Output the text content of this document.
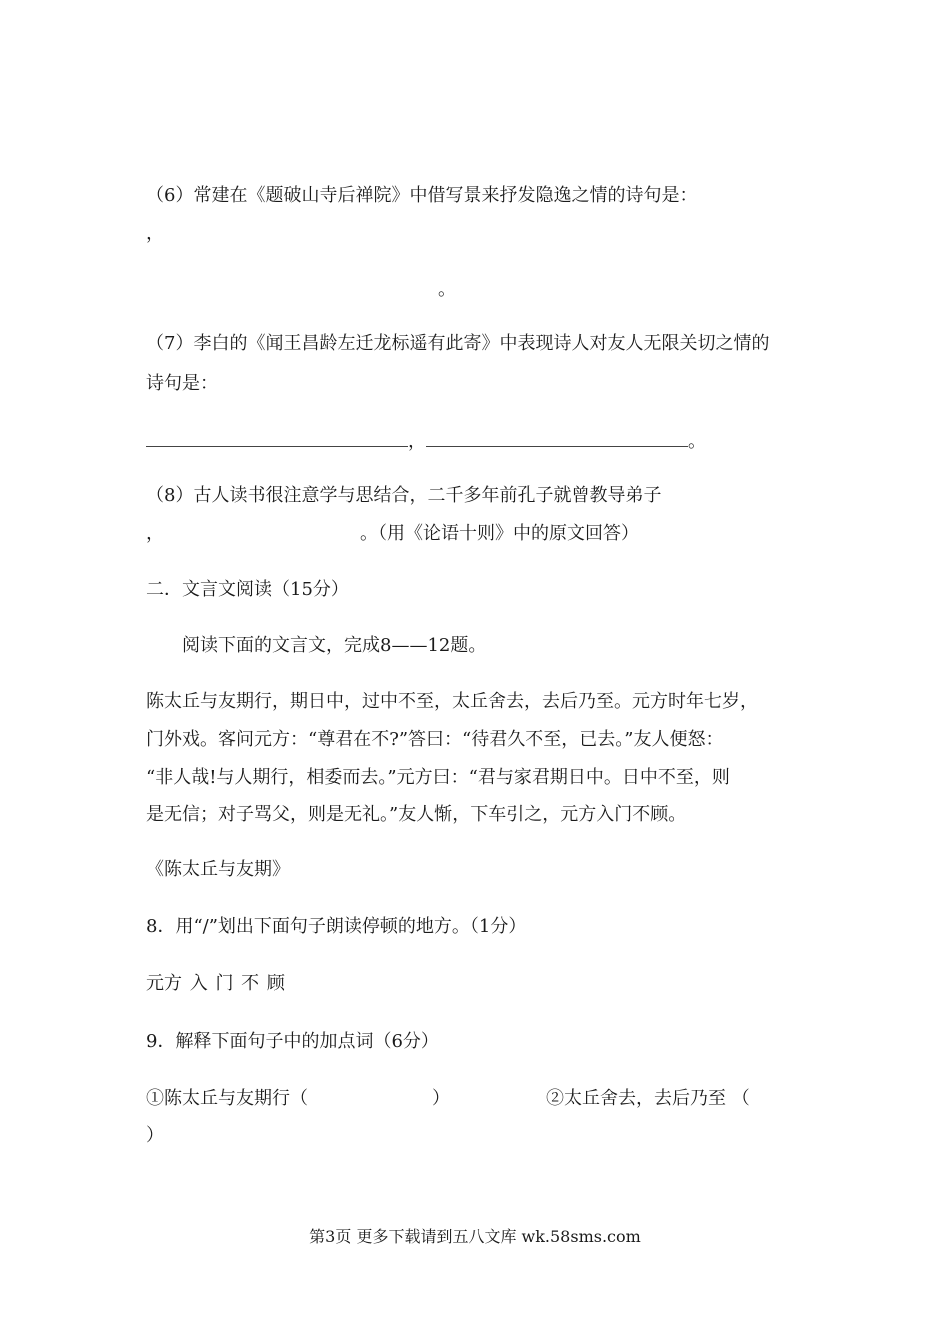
（6）常建在《题破山寺后禅院》中借写景来抒发隐逸之情的诗句是：

，

。

（7）李白的《闻王昌龄左迁龙标遥有此寄》中表现诗人对友人无限关切之情的

诗句是：

，	。

（8）古人读书很注意学与思结合，二千多年前孔子就曾教导弟子

，	。（用《论语十则》中的原文回答）

二．文言文阅读（15分）

阅读下面的文言文，完成8——12题。

陈太丘与友期行，期日中，过中不至，太丘舍去，去后乃至。元方时年七岁，

门外戏。客问元方：“尊君在不?”答曰：“待君久不至，已去。”友人便怒：

“非人哉!与人期行，相委而去。”元方曰：“君与家君期日中。日中不至，则

是无信；对子骂父，则是无礼。”友人惭，下车引之，元方入门不顾。

《陈太丘与友期》

8．用“/”划出下面句子朗读停顿的地方。（1分）

元方 入 门 不 顾

9．解释下面句子中的加点词（6分）

①陈太丘与友期行（	）	②太丘舍去，去后乃至 （

）

第3页 更多下载请到五八文库 wk.58sms.com
